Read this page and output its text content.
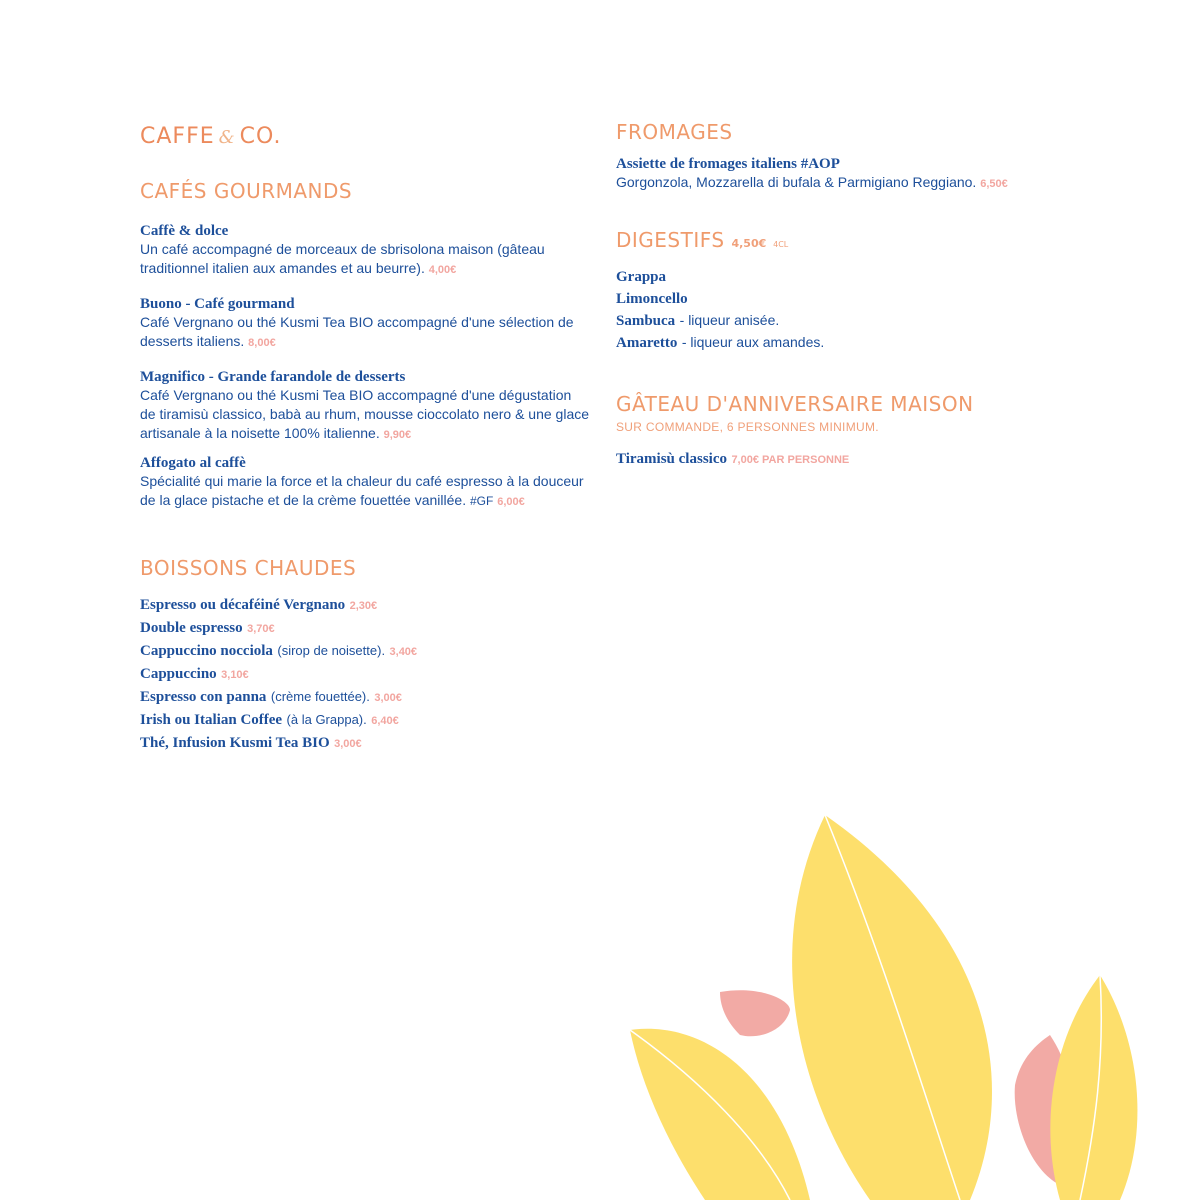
CAFFE & CO.
CAFÉS GOURMANDS
Caffè & dolce
Un café accompagné de morceaux de sbrisolona maison (gâteau traditionnel italien aux amandes et au beurre). 4,00€
Buono - Café gourmand
Café Vergnano ou thé Kusmi Tea BIO accompagné d'une sélection de desserts italiens. 8,00€
Magnifico - Grande farandole de desserts
Café Vergnano ou thé Kusmi Tea BIO accompagné d'une dégustation de tiramisù classico, babà au rhum, mousse cioccolato nero & une glace artisanale à la noisette 100% italienne. 9,90€
Affogato al caffè
Spécialité qui marie la force et la chaleur du café espresso à la douceur de la glace pistache et de la crème fouettée vanillée. #GF 6,00€
BOISSONS CHAUDES
Espresso ou décaféiné Vergnano 2,30€
Double espresso 3,70€
Cappuccino nocciola (sirop de noisette). 3,40€
Cappuccino 3,10€
Espresso con panna (crème fouettée). 3,00€
Irish ou Italian Coffee (à la Grappa). 6,40€
Thé, Infusion Kusmi Tea BIO 3,00€
FROMAGES
Assiette de fromages italiens #AOP
Gorgonzola, Mozzarella di bufala & Parmigiano Reggiano. 6,50€
DIGESTIFS 4,50€ 4CL
Grappa
Limoncello
Sambuca - liqueur anisée.
Amaretto - liqueur aux amandes.
GÂTEAU D'ANNIVERSAIRE MAISON
SUR COMMANDE, 6 PERSONNES MINIMUM.
Tiramisù classico 7,00€ PAR PERSONNE
